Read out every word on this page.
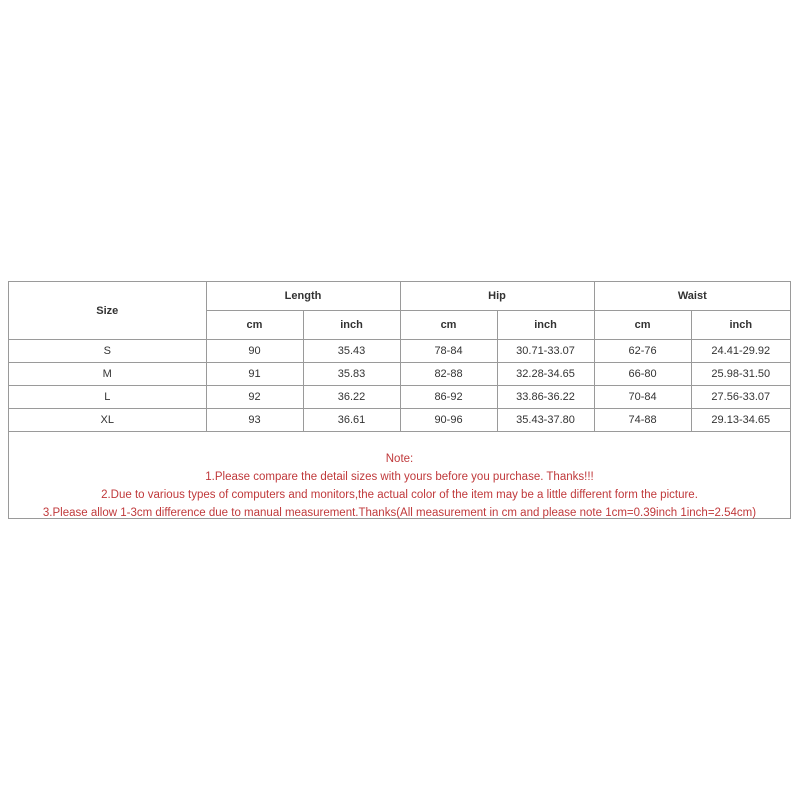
Size	Length		Hip		Waist	
	cm	inch	cm	inch	cm	inch
S	90	35.43	78-84	30.71-33.07	62-76	24.41-29.92
M	91	35.83	82-88	32.28-34.65	66-80	25.98-31.50
L	92	36.22	86-92	33.86-36.22	70-84	27.56-33.07
XL	93	36.61	90-96	35.43-37.80	74-88	29.13-34.65
Note:
1.Please compare the detail sizes with yours before you purchase. Thanks!!!
2.Due to various types of computers and monitors,the actual color of the item may be a little different form the picture.
3.Please allow 1-3cm difference due to manual measurement.Thanks(All measurement in cm and please note 1cm=0.39inch 1inch=2.54cm)
